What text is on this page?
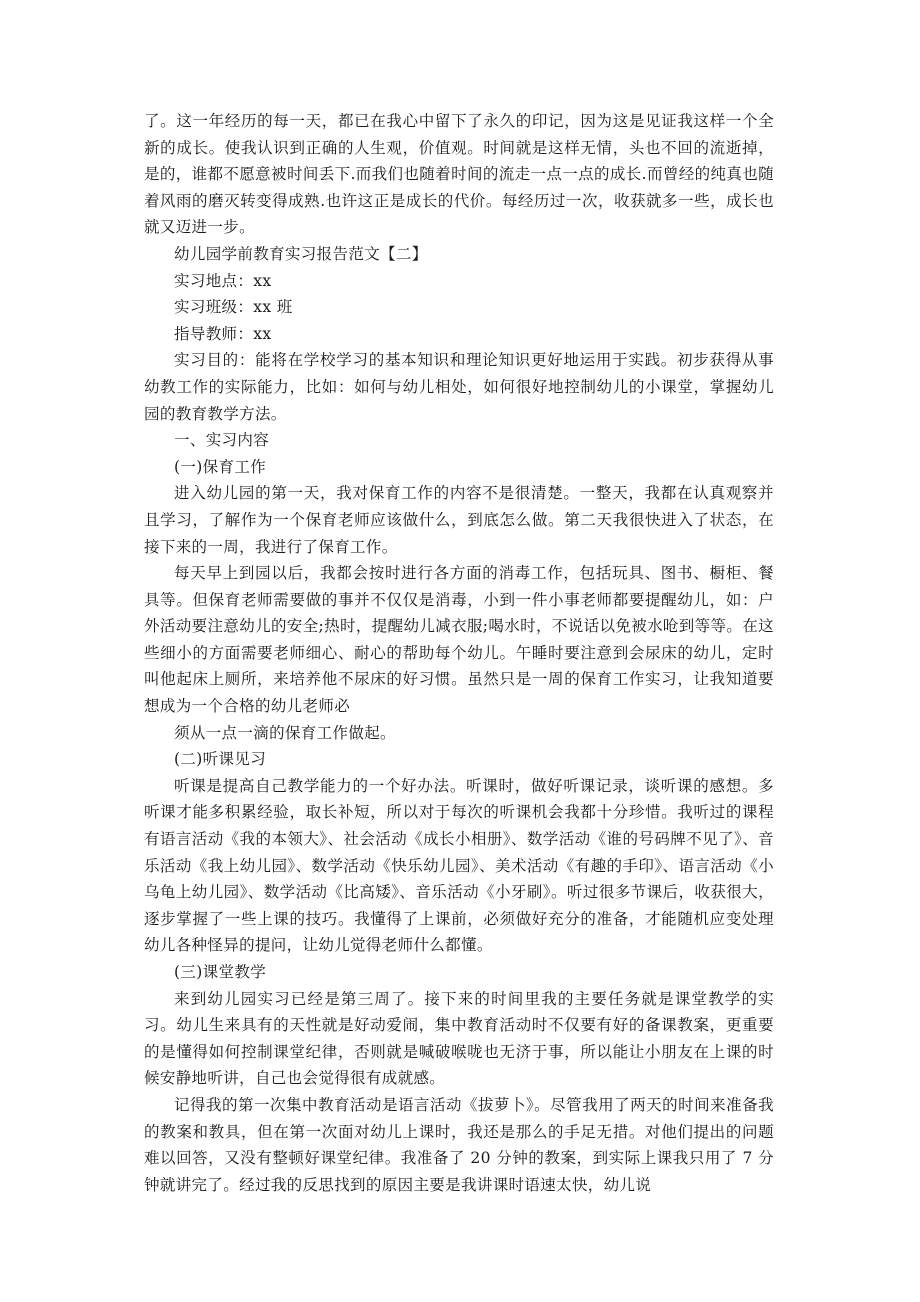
了。这一年经历的每一天，都已在我心中留下了永久的印记，因为这是见证我这样一个全新的成长。使我认识到正确的人生观，价值观。时间就是这样无情，头也不回的流逝掉，是的，谁都不愿意被时间丢下.而我们也随着时间的流走一点一点的成长.而曾经的纯真也随着风雨的磨灭转变得成熟.也许这正是成长的代价。每经历过一次，收获就多一些，成长也就又迈进一步。

幼儿园学前教育实习报告范文【二】

实习地点：xx

实习班级：xx 班

指导教师：xx

实习目的：能将在学校学习的基本知识和理论知识更好地运用于实践。初步获得从事幼教工作的实际能力，比如：如何与幼儿相处，如何很好地控制幼儿的小课堂，掌握幼儿园的教育教学方法。

一、实习内容

(一)保育工作

进入幼儿园的第一天，我对保育工作的内容不是很清楚。一整天，我都在认真观察并且学习，了解作为一个保育老师应该做什么，到底怎么做。第二天我很快进入了状态，在接下来的一周，我进行了保育工作。

每天早上到园以后，我都会按时进行各方面的消毒工作，包括玩具、图书、橱柜、餐具等。但保育老师需要做的事并不仅仅是消毒，小到一件小事老师都要提醒幼儿，如：户外活动要注意幼儿的安全;热时，提醒幼儿减衣服;喝水时，不说话以免被水呛到等等。在这些细小的方面需要老师细心、耐心的帮助每个幼儿。午睡时要注意到会尿床的幼儿，定时叫他起床上厕所，来培养他不尿床的好习惯。虽然只是一周的保育工作实习，让我知道要想成为一个合格的幼儿老师必

须从一点一滴的保育工作做起。

(二)听课见习

听课是提高自己教学能力的一个好办法。听课时，做好听课记录，谈听课的感想。多听课才能多积累经验，取长补短，所以对于每次的听课机会我都十分珍惜。我听过的课程有语言活动《我的本领大》、社会活动《成长小相册》、数学活动《谁的号码牌不见了》、音乐活动《我上幼儿园》、数学活动《快乐幼儿园》、美术活动《有趣的手印》、语言活动《小乌龟上幼儿园》、数学活动《比高矮》、音乐活动《小牙刷》。听过很多节课后，收获很大，逐步掌握了一些上课的技巧。我懂得了上课前，必须做好充分的准备，才能随机应变处理幼儿各种怪异的提问，让幼儿觉得老师什么都懂。

(三)课堂教学

来到幼儿园实习已经是第三周了。接下来的时间里我的主要任务就是课堂教学的实习。幼儿生来具有的天性就是好动爱闹，集中教育活动时不仅要有好的备课教案，更重要的是懂得如何控制课堂纪律，否则就是喊破喉咙也无济于事，所以能让小朋友在上课的时候安静地听讲，自己也会觉得很有成就感。

记得我的第一次集中教育活动是语言活动《拔萝卜》。尽管我用了两天的时间来准备我的教案和教具，但在第一次面对幼儿上课时，我还是那么的手足无措。对他们提出的问题难以回答，又没有整顿好课堂纪律。我准备了 20 分钟的教案，到实际上课我只用了 7 分钟就讲完了。经过我的反思找到的原因主要是我讲课时语速太快，幼儿说
